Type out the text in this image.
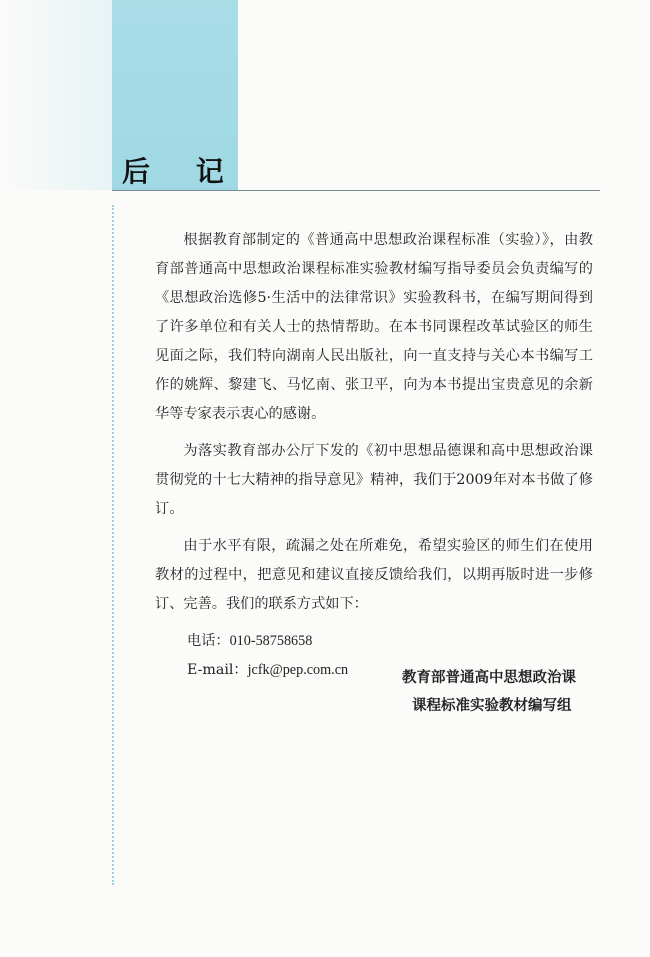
后 记

根据教育部制定的《普通高中思想政治课程标准（实验）》，由教育部普通高中思想政治课程标准实验教材编写指导委员会负责编写的《思想政治选修5·生活中的法律常识》实验教科书，在编写期间得到了许多单位和有关人士的热情帮助。在本书同课程改革试验区的师生见面之际，我们特向湖南人民出版社，向一直支持与关心本书编写工作的姚辉、黎建飞、马忆南、张卫平，向为本书提出宝贵意见的余新华等专家表示衷心的感谢。

为落实教育部办公厅下发的《初中思想品德课和高中思想政治课贯彻党的十七大精神的指导意见》精神，我们于2009年对本书做了修订。

由于水平有限，疏漏之处在所难免，希望实验区的师生们在使用教材的过程中，把意见和建议直接反馈给我们，以期再版时进一步修订、完善。我们的联系方式如下：

电话：010-58758658
E-mail：jcfk@pep.com.cn	教育部普通高中思想政治课
课程标准实验教材编写组
